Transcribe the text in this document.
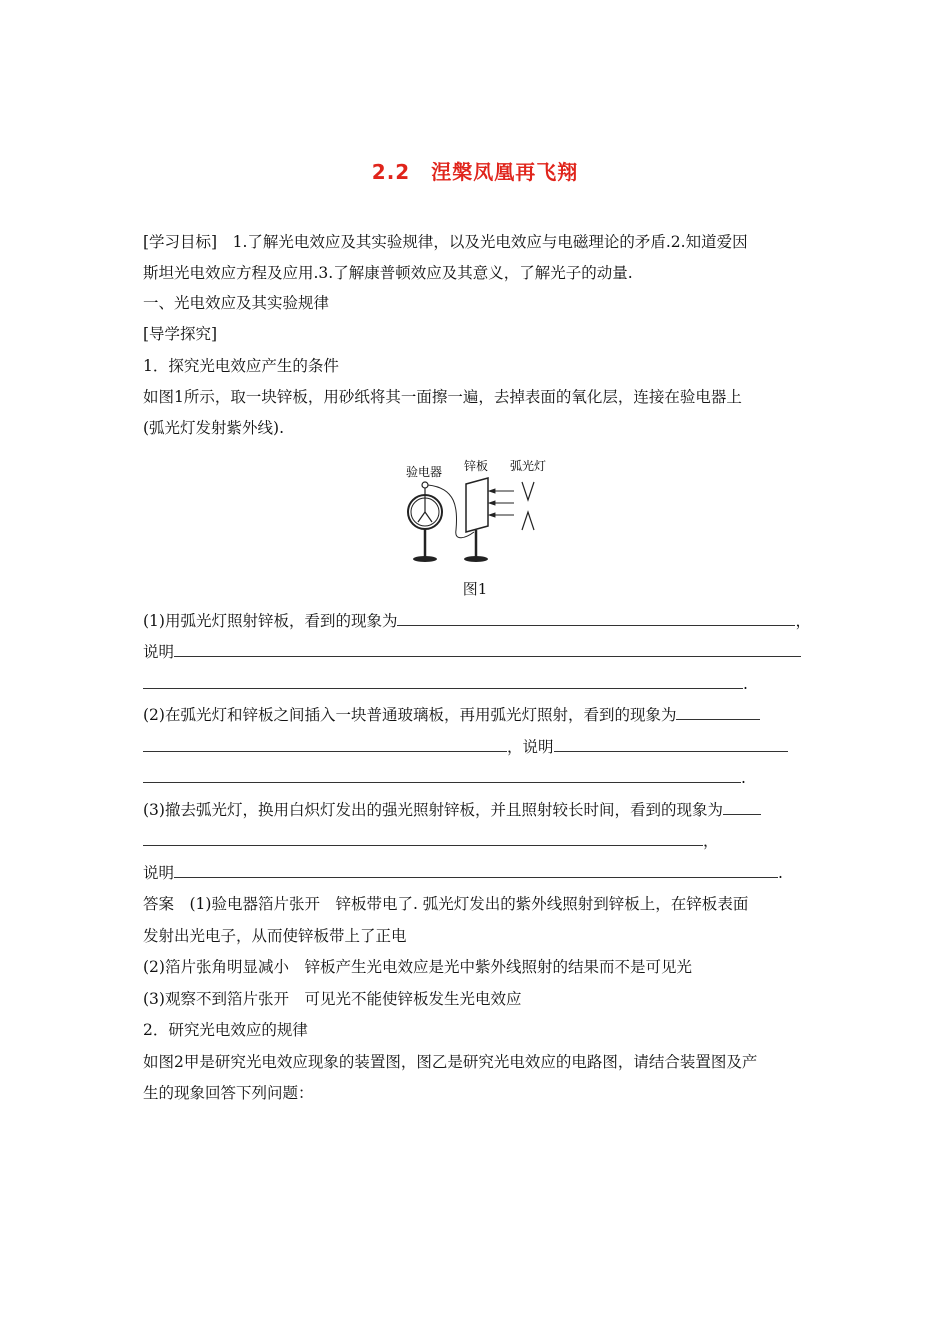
2.2　涅槃凤凰再飞翔
[学习目标]　1.了解光电效应及其实验规律，以及光电效应与电磁理论的矛盾.2.知道爱因
斯坦光电效应方程及应用.3.了解康普顿效应及其意义，了解光子的动量.
一、光电效应及其实验规律
[导学探究]
1．探究光电效应产生的条件
如图1所示，取一块锌板，用砂纸将其一面擦一遍，去掉表面的氧化层，连接在验电器上
(弧光灯发射紫外线).
验电器 锌板 弧光灯
图1
(1)用弧光灯照射锌板，看到的现象为	，
说明
.
(2)在弧光灯和锌板之间插入一块普通玻璃板，再用弧光灯照射，看到的现象为
，说明
.
(3)撤去弧光灯，换用白炽灯发出的强光照射锌板，并且照射较长时间，看到的现象为
，
说明	.
答案　(1)验电器箔片张开　锌板带电了. 弧光灯发出的紫外线照射到锌板上，在锌板表面
发射出光电子，从而使锌板带上了正电
(2)箔片张角明显减小　锌板产生光电效应是光中紫外线照射的结果而不是可见光
(3)观察不到箔片张开　可见光不能使锌板发生光电效应
2．研究光电效应的规律
如图2甲是研究光电效应现象的装置图，图乙是研究光电效应的电路图，请结合装置图及产
生的现象回答下列问题：
